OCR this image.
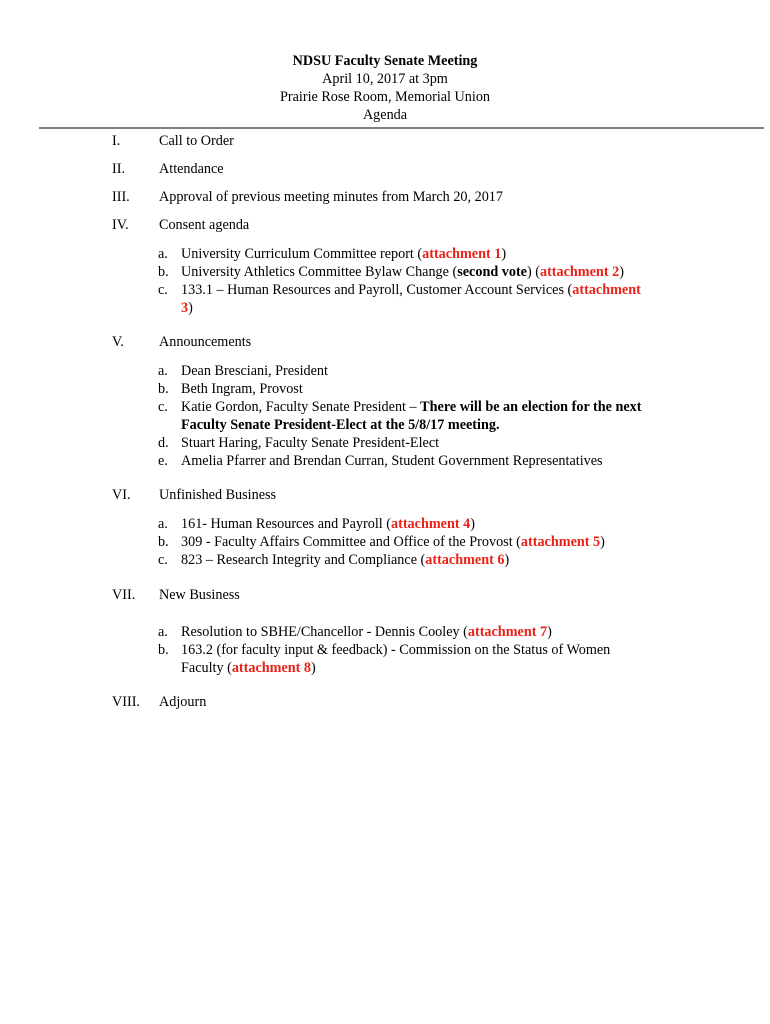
NDSU Faculty Senate Meeting
April 10, 2017 at 3pm
Prairie Rose Room, Memorial Union
Agenda
I.	Call to Order
II. Attendance
III. Approval of previous meeting minutes from March 20, 2017
IV. Consent agenda
a. University Curriculum Committee report (attachment 1)
b. University Athletics Committee Bylaw Change (second vote) (attachment 2)
c. 133.1 – Human Resources and Payroll, Customer Account Services (attachment
3)
V. Announcements
a. Dean Bresciani, President
b. Beth Ingram, Provost
c. Katie Gordon, Faculty Senate President – There will be an election for the next
Faculty Senate President-Elect at the 5/8/17 meeting.
d. Stuart Haring, Faculty Senate President-Elect
e. Amelia Pfarrer and Brendan Curran, Student Government Representatives
VI. Unfinished Business
a. 161- Human Resources and Payroll (attachment 4)
b. 309 - Faculty Affairs Committee and Office of the Provost (attachment 5)
c. 823 – Research Integrity and Compliance (attachment 6)
VII. New Business
a. Resolution to SBHE/Chancellor - Dennis Cooley (attachment 7)
b. 163.2 (for faculty input & feedback) - Commission on the Status of Women
Faculty (attachment 8)
VIII. Adjourn
